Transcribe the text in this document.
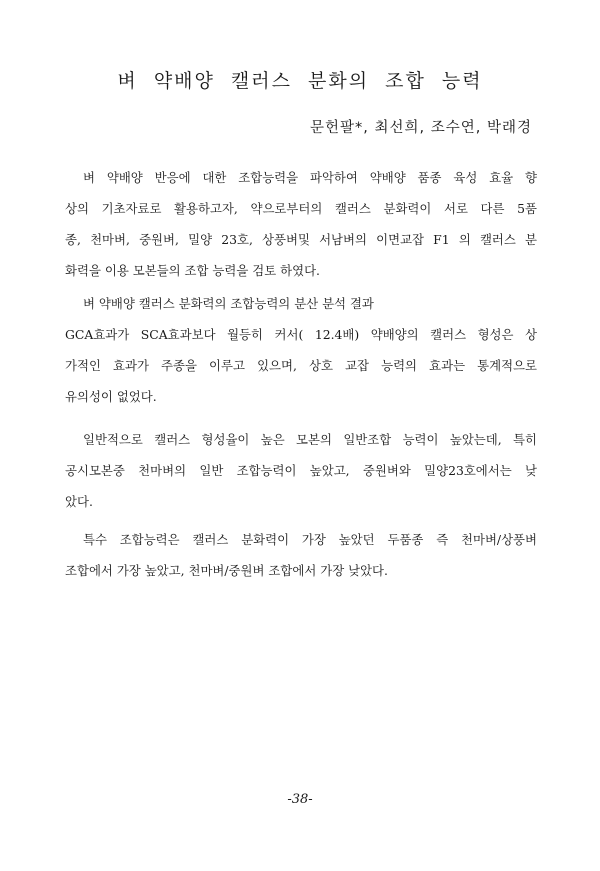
벼 약배양 캘러스 분화의 조합 능력
문헌팔*, 최선희, 조수연, 박래경
벼 약배양 반응에 대한 조합능력을 파악하여 약배양 품종 육성 효율 향
상의 기초자료로 활용하고자, 약으로부터의 캘러스 분화력이 서로 다른 5품
종, 천마벼, 중원벼, 밀양 23호, 상풍벼및 서남벼의 이면교잡 F1 의 캘러스 분
화력을 이용 모본들의 조합 능력을 검토 하였다.
벼 약배양 캘러스 분화력의 조합능력의 분산 분석 결과
GCA효과가 SCA효과보다 월등히 커서( 12.4배) 약배양의 캘러스 형성은 상
가적인 효과가 주종을 이루고 있으며, 상호 교잡 능력의 효과는 통계적으로
유의성이 없었다.
일반적으로 캘러스 형성율이 높은 모본의 일반조합 능력이 높았는데, 특히
공시모본중 천마벼의 일반 조합능력이 높았고, 중원벼와 밀양23호에서는 낮
았다.
특수 조합능력은 캘러스 분화력이 가장 높았던 두품종 즉 천마벼/상풍벼
조합에서 가장 높았고, 천마벼/중원벼 조합에서 가장 낮았다.
-38-
